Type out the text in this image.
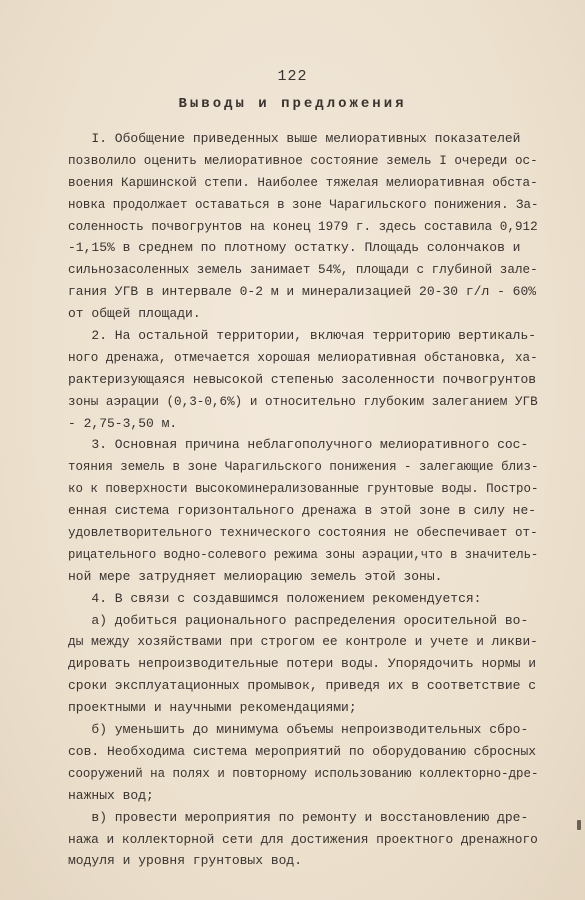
122
Выводы и предложения
I. Обобщение приведенных выше мелиоративных показателей
позволило оценить мелиоративное состояние земель I очереди ос-
воения Каршинской степи. Наиболее тяжелая мелиоративная обста-
новка продолжает оставаться в зоне Чарагильского понижения. За-
соленность почвогрунтов на конец 1979 г. здесь составила 0,912
-1,15% в среднем по плотному остатку. Площадь солончаков и
сильнозасоленных земель занимает 54%, площади с глубиной зале-
гания УГВ в интервале 0-2 м и минерализацией 20-30 г/л - 60%
от общей площади.
2. На остальной территории, включая территорию вертикаль-
ного дренажа, отмечается хорошая мелиоративная обстановка, ха-
рактеризующаяся невысокой степенью засоленности почвогрунтов
зоны аэрации (0,3-0,6%) и относительно глубоким залеганием УГВ
- 2,75-3,50 м.
3. Основная причина неблагополучного мелиоративного сос-
тояния земель в зоне Чарагильского понижения - залегающие близ-
ко к поверхности высокоминерализованные грунтовые воды. Постро-
енная система горизонтального дренажа в этой зоне в силу не-
удовлетворительного технического состояния не обеспечивает от-
рицательного водно-солевого режима зоны аэрации,что в значитель-
ной мере затрудняет мелиорацию земель этой зоны.
4. В связи с создавшимся положением рекомендуется:
а) добиться рационального распределения оросительной во-
ды между хозяйствами при строгом ее контроле и учете и ликви-
дировать непроизводительные потери воды. Упорядочить нормы и
сроки эксплуатационных промывок, приведя их в соответствие с
проектными и научными рекомендациями;
б) уменьшить до минимума объемы непроизводительных сбро-
сов. Необходима система мероприятий по оборудованию сбросных
сооружений на полях и повторному использованию коллекторно-дре-
нажных вод;
в) провести мероприятия по ремонту и восстановлению дре-
нажа и коллекторной сети для достижения проектного дренажного
модуля и уровня грунтовых вод.
